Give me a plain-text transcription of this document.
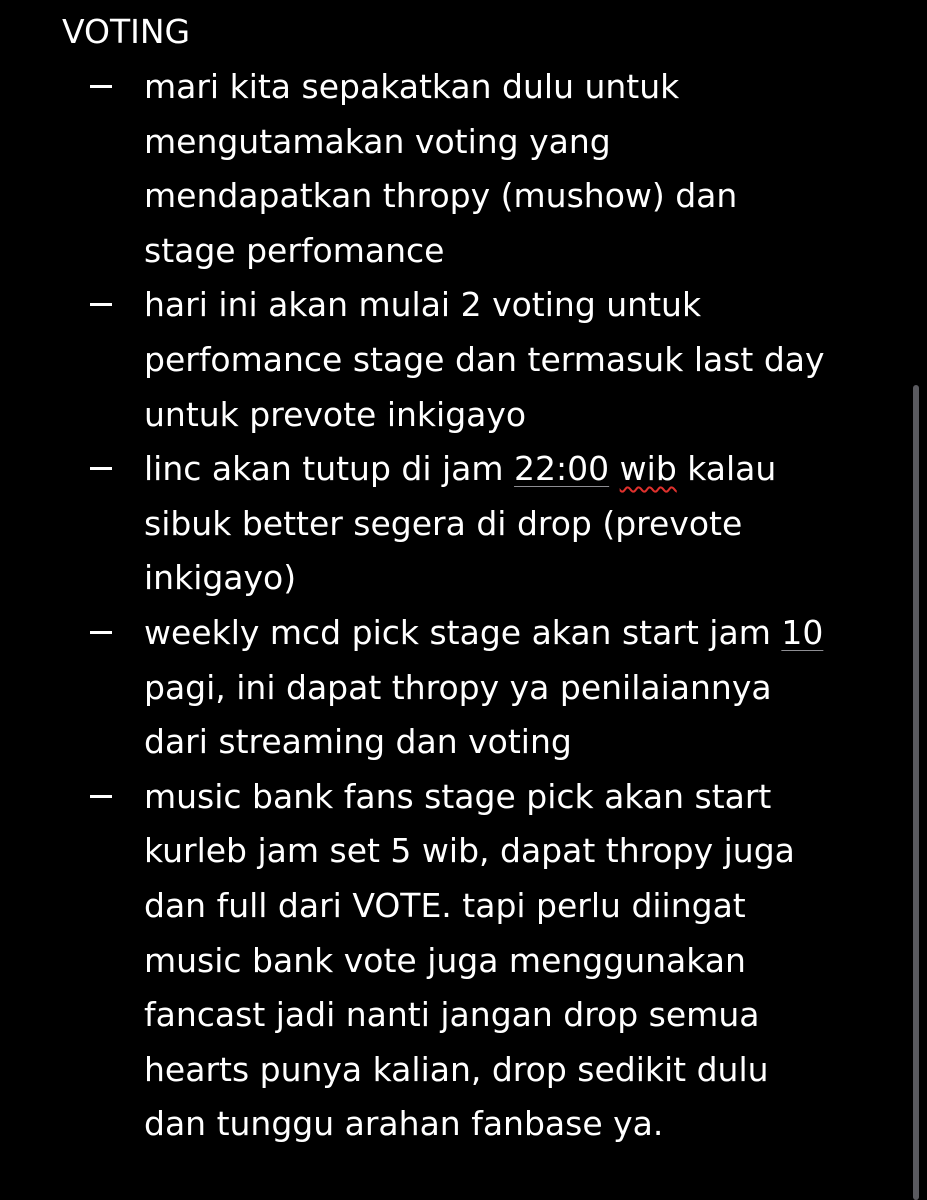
VOTING
mari kita sepakatkan dulu untuk
mengutamakan voting yang
mendapatkan thropy (mushow) dan
stage perfomance
hari ini akan mulai 2 voting untuk
perfomance stage dan termasuk last day
untuk prevote inkigayo
linc akan tutup di jam 22:00 wib kalau
sibuk better segera di drop (prevote
inkigayo)
weekly mcd pick stage akan start jam 10
pagi, ini dapat thropy ya penilaiannya
dari streaming dan voting
music bank fans stage pick akan start
kurleb jam set 5 wib, dapat thropy juga
dan full dari VOTE. tapi perlu diingat
music bank vote juga menggunakan
fancast jadi nanti jangan drop semua
hearts punya kalian, drop sedikit dulu
dan tunggu arahan fanbase ya.
